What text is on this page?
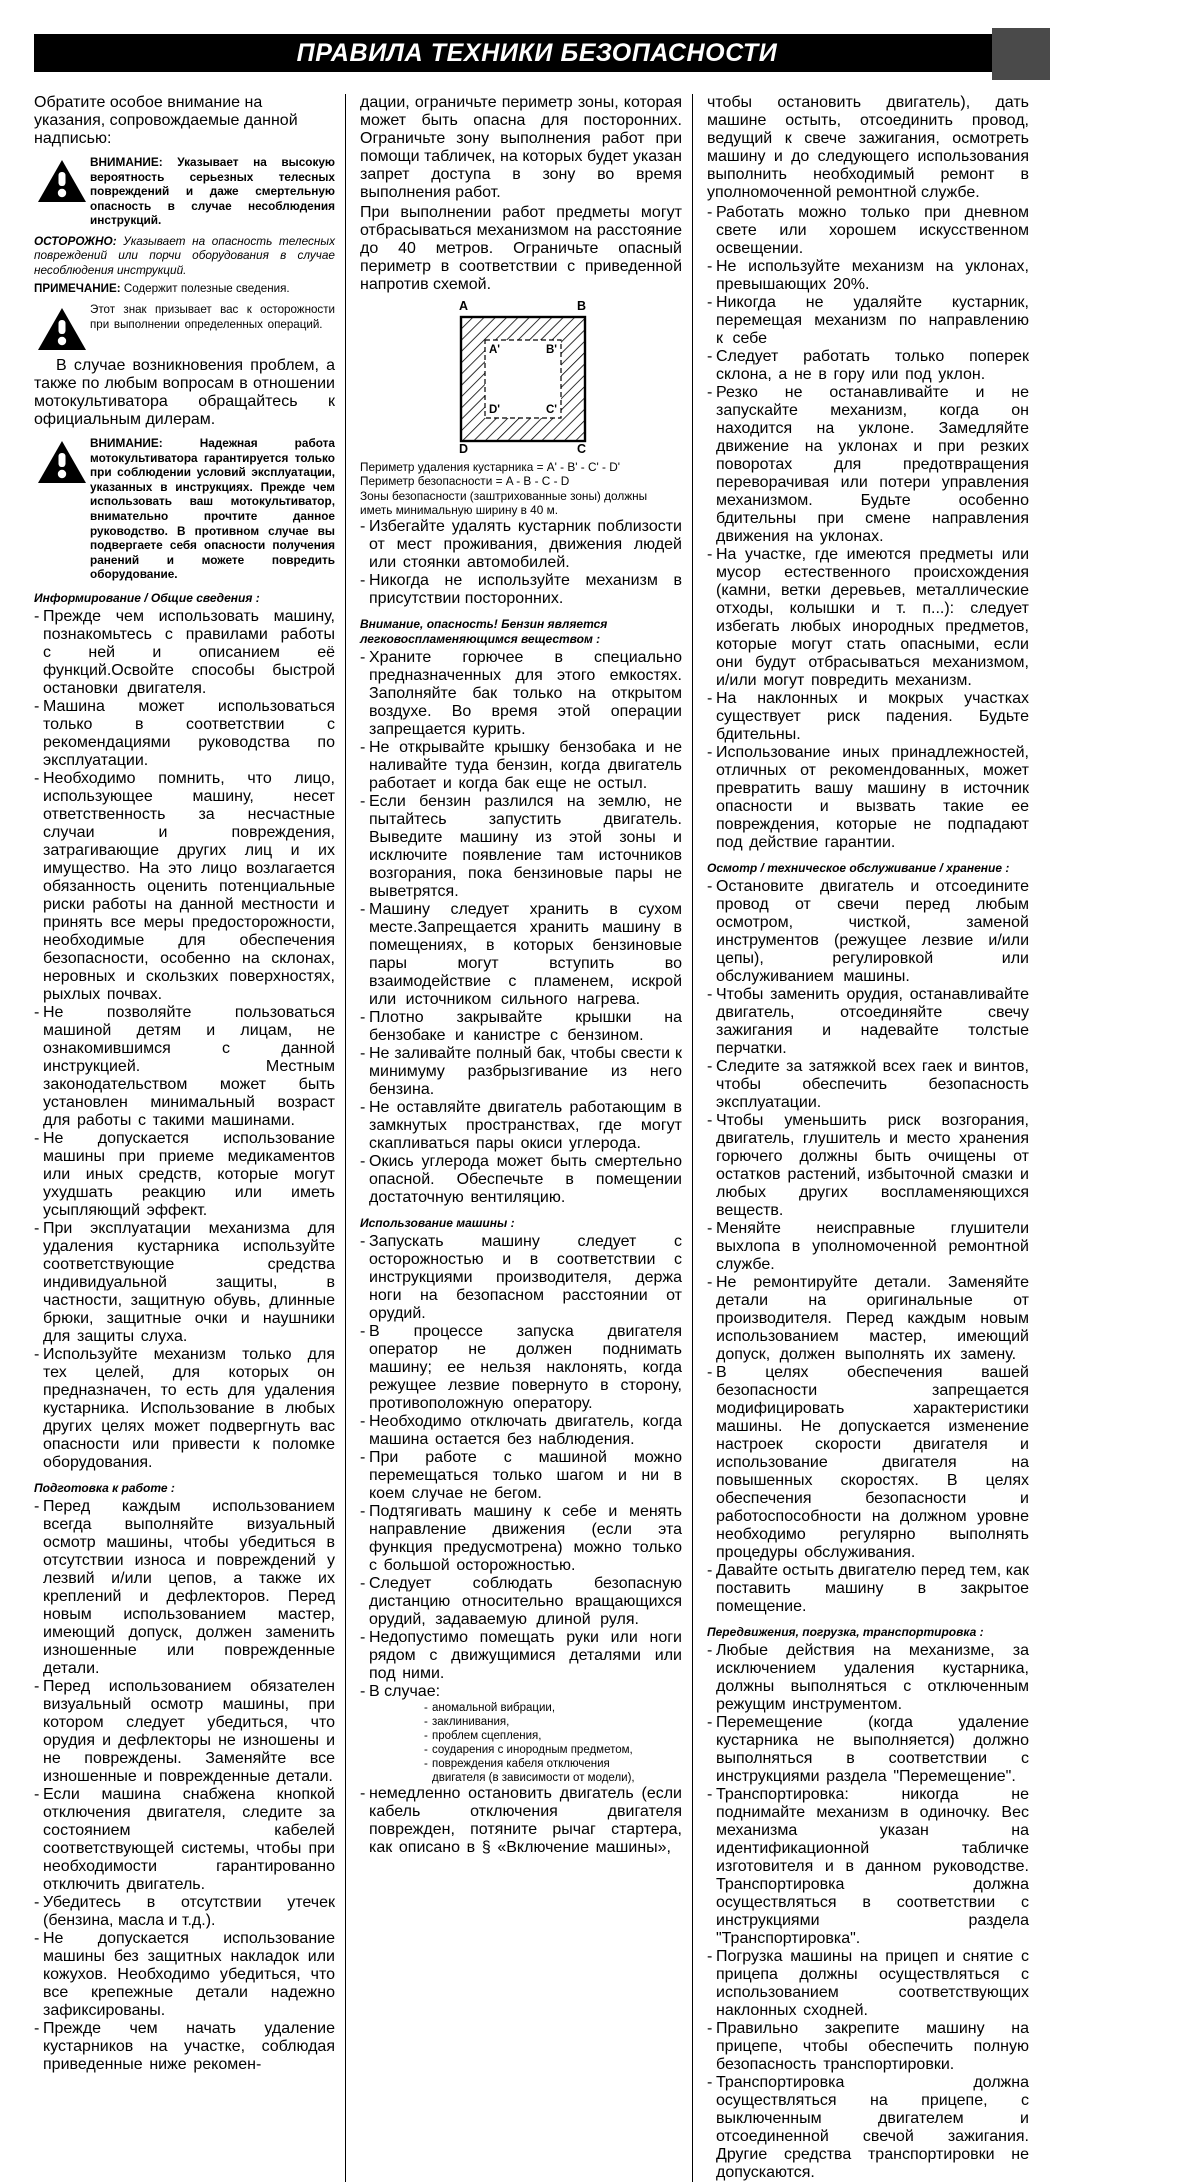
ПРАВИЛА ТЕХНИКИ БЕЗОПАСНОСТИ
Обратите особое внимание на указания, сопровождаемые данной надписью:
ВНИМАНИЕ: Указывает на высокую вероятность серьезных телесных повреждений и даже смертельную опасность в случае несоблюдения инструкций.
ОСТОРОЖНО: Указывает на опасность телесных повреждений или порчи оборудования в случае несоблюдения инструкций.
ПРИМЕЧАНИЕ: Содержит полезные сведения.
Этот знак призывает вас к осторожности при выполнении определенных операций.
В случае возникновения проблем, а также по любым вопросам в отношении мотокультиватора обращайтесь к официальным дилерам.
ВНИМАНИЕ: Надежная работа мотокультиватора гарантируется только при соблюдении условий эксплуатации, указанных в инструкциях. Прежде чем использовать ваш мотокультиватор, внимательно прочтите данное руководство. В противном случае вы подвергаете себя опасности получения ранений и можете повредить оборудование.
Информирование / Общие сведения :
- Прежде чем использовать машину, познакомьтесь с правилами работы с ней и описанием её функций.Освойте способы быстрой остановки двигателя.
- Машина может использоваться только в соответствии с рекомендациями руководства по эксплуатации.
- Необходимо помнить, что лицо, использующее машину, несет ответственность за несчастные случаи и повреждения, затрагивающие других лиц и их имущество. На это лицо возлагается обязанность оценить потенциальные риски работы на данной местности и принять все меры предосторожности, необходимые для обеспечения безопасности, особенно на склонах, неровных и скользких поверхностях, рыхлых почвах.
- Не позволяйте пользоваться машиной детям и лицам, не ознакомившимся с данной инструкцией. Местным законодательством может быть установлен минимальный возраст для работы с такими машинами.
- Не допускается использование машины при приеме медикаментов или иных средств, которые могут ухудшать реакцию или иметь усыпляющий эффект.
- При эксплуатации механизма для удаления кустарника используйте соответствующие средства индивидуальной защиты, в частности, защитную обувь, длинные брюки, защитные очки и наушники для защиты слуха.
- Используйте механизм только для тех целей, для которых он предназначен, то есть для удаления кустарника. Использование в любых других целях может подвергнуть вас опасности или привести к поломке оборудования.
Подготовка к работе :
- Перед каждым использованием всегда выполняйте визуальный осмотр машины, чтобы убедиться в отсутствии износа и повреждений у лезвий и/или цепов, а также их креплений и дефлекторов. Перед новым использованием мастер, имеющий допуск, должен заменить изношенные или поврежденные детали.
- Перед использованием обязателен визуальный осмотр машины, при котором следует убедиться, что орудия и дефлекторы не изношены и не повреждены. Заменяйте все изношенные и поврежденные детали.
- Если машина снабжена кнопкой отключения двигателя, следите за состоянием кабелей соответствующей системы, чтобы при необходимости гарантированно отключить двигатель.
- Убедитесь в отсутствии утечек (бензина, масла и т.д.).
- Не допускается использование машины без защитных накладок или кожухов. Необходимо убедиться, что все крепежные детали надежно зафиксированы.
- Прежде чем начать удаление кустарников на участке, соблюдая приведенные ниже рекомен-
дации, ограничьте периметр зоны, которая может быть опасна для посторонних. Ограничьте зону выполнения работ при помощи табличек, на которых будет указан запрет доступа в зону во время выполнения работ.
При выполнении работ предметы могут отбрасываться механизмом на расстояние до 40 метров. Ограничьте опасный периметр в соответствии с приведенной напротив схемой.
A	B
C
D
A'	B'
C'
D'
Периметр удаления кустарника = A' - B' - C' - D'
Периметр безопасности = A - B - C - D
Зоны безопасности (заштрихованные зоны) должны иметь минимальную ширину в 40 м.
- Избегайте удалять кустарник поблизости от мест проживания, движения людей или стоянки автомобилей.
- Никогда не используйте механизм в присутствии посторонних.
Внимание, опасность! Бензин является легковоспламеняющимся веществом :
- Храните горючее в специально предназначенных для этого емкостях. Заполняйте бак только на открытом воздухе. Во время этой операции запрещается курить.
- Не открывайте крышку бензобака и не наливайте туда бензин, когда двигатель работает и когда бак еще не остыл.
- Если бензин разлился на землю, не пытайтесь запустить двигатель. Выведите машину из этой зоны и исключите появление там источников возгорания, пока бензиновые пары не выветрятся.
- Машину следует хранить в сухом месте.Запрещается хранить машину в помещениях, в которых бензиновые пары могут вступить во взаимодействие с пламенем, искрой или источником сильного нагрева.
- Плотно закрывайте крышки на бензобаке и канистре с бензином.
- Не заливайте полный бак, чтобы свести к минимуму разбрызгивание из него бензина.
- Не оставляйте двигатель работающим в замкнутых пространствах, где могут скапливаться пары окиси углерода.
- Окись углерода может быть смертельно опасной. Обеспечьте в помещении достаточную вентиляцию.
Использование машины :
- Запускать машину следует с осторожностью и в соответствии с инструкциями производителя, держа ноги на безопасном расстоянии от орудий.
- В процессе запуска двигателя оператор не должен поднимать машину; ее нельзя наклонять, когда режущее лезвие повернуто в сторону, противоположную оператору.
- Необходимо отключать двигатель, когда машина остается без наблюдения.
- При работе с машиной можно перемещаться только шагом и ни в коем случае не бегом.
- Подтягивать машину к себе и менять направление движения (если эта функция предусмотрена) можно только с большой осторожностью.
- Следует соблюдать безопасную дистанцию относительно вращающихся орудий, задаваемую длиной руля.
- Недопустимо помещать руки или ноги рядом с движущимися деталями или под ними.
- В случае:
- аномальной вибрации,
- заклинивания,
- проблем сцепления,
- соударения с инородным предметом,
- повреждения кабеля отключения
двигателя (в зависимости от модели),
- немедленно остановить двигатель (если кабель отключения двигателя поврежден, потяните рычаг стартера, как описано в § «Включение машины»,
чтобы остановить двигатель), дать машине остыть, отсоединить провод, ведущий к свече зажигания, осмотреть машину и до следующего использования выполнить необходимый ремонт в уполномоченной ремонтной службе.
- Работать можно только при дневном свете или хорошем искусственном освещении.
- Не используйте механизм на уклонах, превышающих 20%.
- Никогда не удаляйте кустарник, перемещая механизм по направлению к себе
- Следует работать только поперек склона, а не в гору или под уклон.
- Резко не останавливайте и не запускайте механизм, когда он находится на уклоне. Замедляйте движение на уклонах и при резких поворотах для предотвращения переворачивая или потери управления механизмом. Будьте особенно бдительны при смене направления движения на уклонах.
- На участке, где имеются предметы или мусор естественного происхождения (камни, ветки деревьев, металлические отходы, колышки и т. п...): следует избегать любых инородных предметов, которые могут стать опасными, если они будут отбрасываться механизмом, и/или могут повредить механизм.
- На наклонных и мокрых участках существует риск падения. Будьте бдительны.
- Использование иных принадлежностей, отличных от рекомендованных, может превратить вашу машину в источник опасности и вызвать такие ее повреждения, которые не подпадают под действие гарантии.
Осмотр / техническое обслуживание / хранение :
- Остановите двигатель и отсоедините провод от свечи перед любым осмотром, чисткой, заменой инструментов (режущее лезвие и/или цепы), регулировкой или обслуживанием машины.
- Чтобы заменить орудия, останавливайте двигатель, отсоединяйте свечу зажигания и надевайте толстые перчатки.
- Следите за затяжкой всех гаек и винтов, чтобы обеспечить безопасность эксплуатации.
- Чтобы уменьшить риск возгорания, двигатель, глушитель и место хранения горючего должны быть очищены от остатков растений, избыточной смазки и любых других воспламеняющихся веществ.
- Меняйте неисправные глушители выхлопа в уполномоченной ремонтной службе.
- Не ремонтируйте детали. Заменяйте детали на оригинальные от производителя. Перед каждым новым использованием мастер, имеющий допуск, должен выполнять их замену.
- В целях обеспечения вашей безопасности запрещается модифицировать характеристики машины. Не допускается изменение настроек скорости двигателя и использование двигателя на повышенных скоростях. В целях обеспечения безопасности и работоспособности на должном уровне необходимо регулярно выполнять процедуры обслуживания.
- Давайте остыть двигателю перед тем, как поставить машину в закрытое помещение.
Передвижения, погрузка, транспортировка :
- Любые действия на механизме, за исключением удаления кустарника, должны выполняться с отключенным режущим инструментом.
- Перемещение (когда удаление кустарника не выполняется) должно выполняться в соответствии с инструкциями раздела "Перемещение".
- Транспортировка: никогда не поднимайте механизм в одиночку. Вес механизма указан на идентификационной табличке изготовителя и в данном руководстве. Транспортировка должна осуществляться в соответствии с инструкциями раздела "Транспортировка".
- Погрузка машины на прицеп и снятие с прицепа должны осуществляться с использованием соответствующих наклонных сходней.
- Правильно закрепите машину на прицепе, чтобы обеспечить полную безопасность транспортировки.
- Транспортировка должна осуществляться на прицепе, с выключенным двигателем и отсоединенной свечой зажигания. Другие средства транспортировки не допускаются.
